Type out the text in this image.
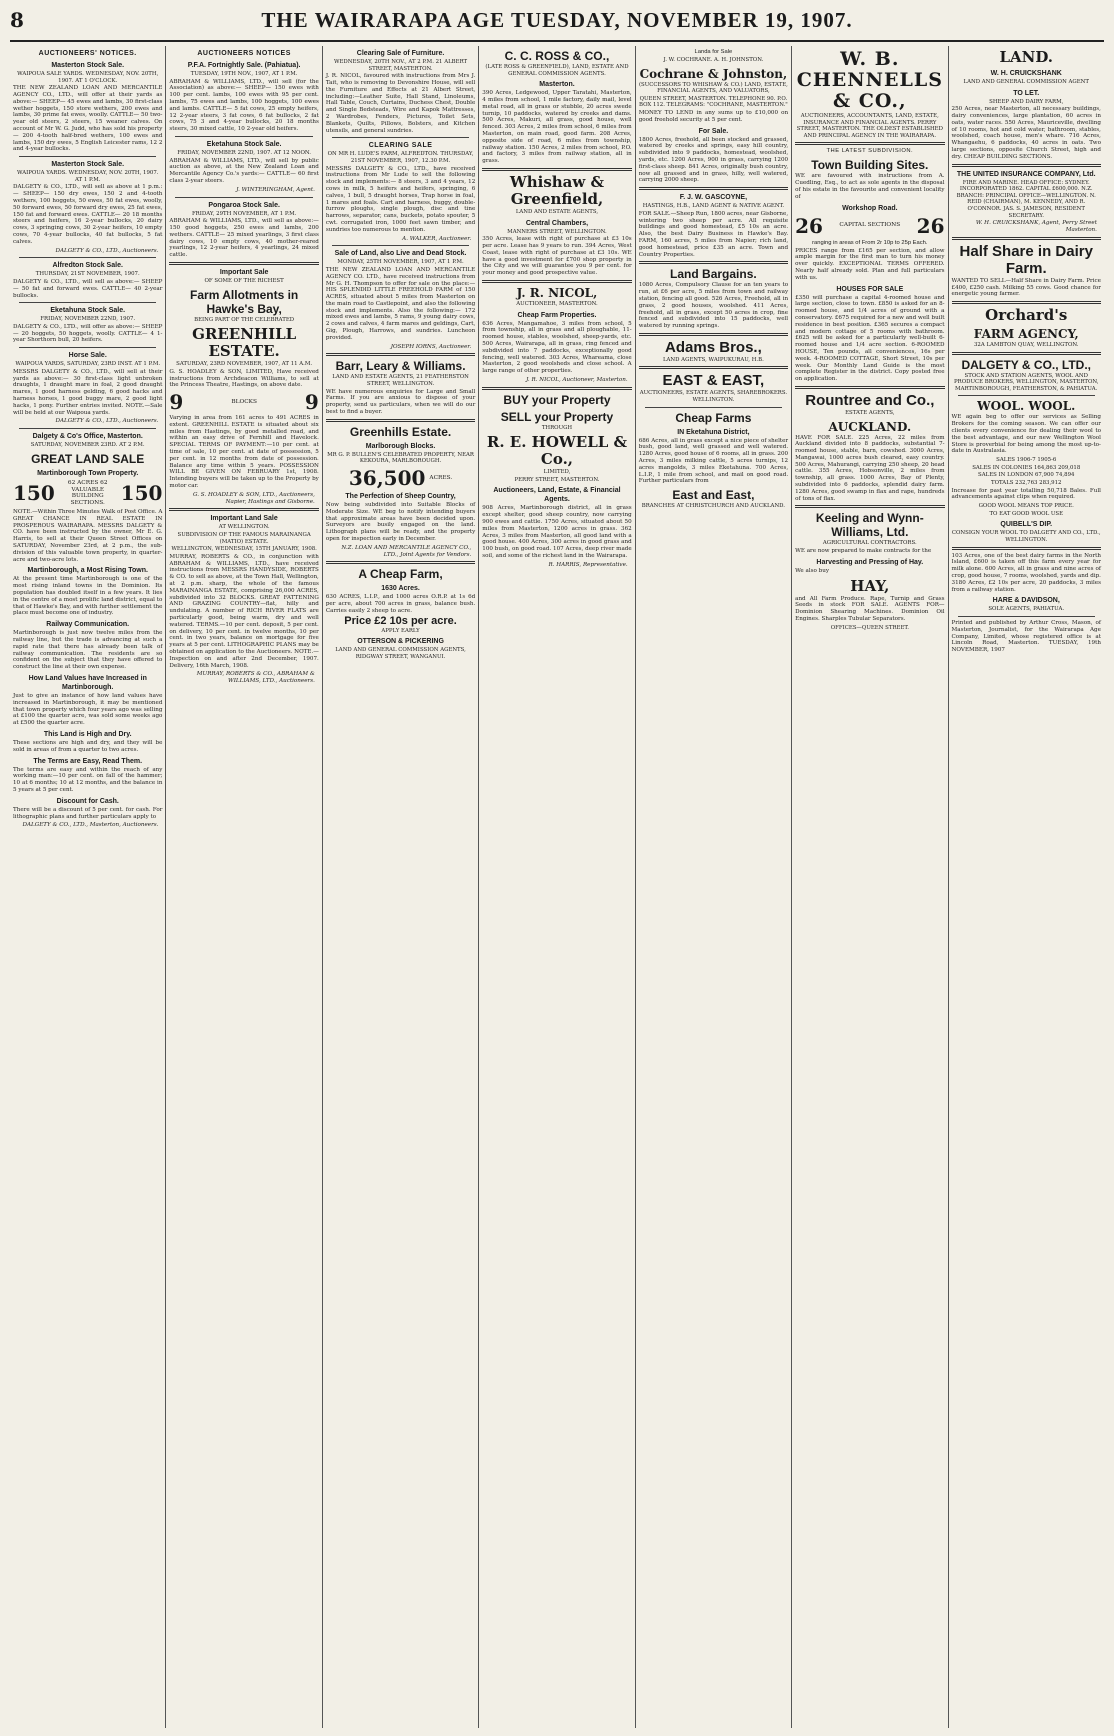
8	THE WAIRARAPA AGE TUESDAY, NOVEMBER 19, 1907.
AUCTIONEERS' NOTICES.
Masterton Stock Sale.
WAIPOUA SALE YARDS. WEDNESDAY, NOV. 20TH, 1907. AT 1 O'CLOCK.
THE NEW ZEALAND LOAN AND MERCANTILE AGENCY CO., LTD., will offer at their yards as above:— SHEEP— 45 ewes and lambs, 30 first-class wether hoggets, 150 store wethers, 200 ewes and lambs, 30 prime fat ewes, woolly. CATTLE— 50 two-year old steers, 2 steers, 15 weaner calves. On account of Mr W. G. Judd, who has sold his property— 200 4-tooth half-bred wethers, 100 ewes and lambs, 150 dry ewes, 5 English Leicester rams, 12 2 and 4-year bullocks.
Masterton Stock Sale.
WAIPOUA YARDS. WEDNESDAY, NOV. 20TH, 1907. AT 1 P.M.
DALGETY & CO., LTD., will sell as above at 1 p.m.:— SHEEP— 150 dry ewes, 150 2 and 4-tooth wethers, 100 hoggets, 50 ewes, 50 fat ewes, woolly, 50 forward ewes, 50 forward dry ewes, 25 fat ewes, 150 fat and forward ewes. CATTLE— 20 18 months steers and heifers, 16 2-year bullocks, 20 dairy cows, 3 springing cows, 30 2-year heifers, 10 empty cows, 70 4-year bullocks, 40 fat bullocks, 5 fat calves.
DALGETY & CO., LTD., Auctioneers.
Alfredton Stock Sale.
THURSDAY, 21ST NOVEMBER, 1907.
DALGETY & CO., LTD., will sell as above:— SHEEP— 50 fat and forward ewes. CATTLE— 40 2-year bullocks.
Eketahuna Stock Sale.
FRIDAY, NOVEMBER 22ND, 1907.
DALGETY & CO., LTD., will offer as above:— SHEEP— 20 hoggets, 50 hoggets, woolly. CATTLE— 4 1-year Shorthorn bull, 20 heifers.
Horse Sale.
WAIPOUA YARDS, SATURDAY, 23RD INST. AT 1 P.M.
MESSRS DALGETY & CO., LTD., will sell at their yards as above:— 30 first-class light unbroken draughts, 1 draught mare in foal, 2 good draught mares, 1 good harness gelding, 6 good hacks and harness horses, 1 good buggy mare, 2 good light hacks, 1 pony. Further entries invited. NOTE.—Sale will be held at our Waipoua yards.
DALGETY & CO., LTD., Auctioneers.
Dalgety & Co's Office, Masterton.
SATURDAY, NOVEMBER 23RD. AT 2 P.M.
GREAT LAND SALE
Martinborough Town Property.
150	62 ACRES 62 VALUABLE BUILDING SECTIONS. 150
NOTE.—Within Three Minutes Walk of Post Office. A GREAT CHANCE IN REAL ESTATE IN PROSPEROUS WAIRARAPA. MESSRS DALGETY & CO. have been instructed by the owner, Mr E. G. Harris, to sell at their Queen Street Offices on SATURDAY, November 23rd, at 2 p.m., the sub-division of this valuable town property, in quarter-acre and two-acre lots.
Martinborough, a Most Rising Town.
At the present time Martinborough is one of the most rising inland towns in the Dominion. Its population has doubled itself in a few years. It lies in the centre of a most prolific land district, equal to that of Hawke's Bay, and with further settlement the place must become one of industry.
Railway Communication.
Martinborough is just now twelve miles from the railway line, but the trade is advancing at such a rapid rate that there has already been talk of railway communication. The residents are so confident on the subject that they have offered to construct the line at their own expense.
How Land Values have Increased in Martinborough.
Just to give an instance of how land values have increased in Martinborough, it may be mentioned that town property which four years ago was selling at £100 the quarter acre, was sold some weeks ago at £500 the quarter acre.
This Land is High and Dry.
These sections are high and dry, and they will be sold in areas of from a quarter to two acres.
The Terms are Easy, Read Them.
The terms are easy and within the reach of any working man:—10 per cent. on fall of the hammer; 10 at 6 months; 10 at 12 months, and the balance in 5 years at 5 per cent.
Discount for Cash.
There will be a discount of 5 per cent. for cash. For lithographic plans and further particulars apply to
DALGETY & CO., LTD., Masterton, Auctioneers.
AUCTIONEERS NOTICES
P.F.A. Fortnightly Sale. (Pahiatua).
TUESDAY, 19TH NOV., 1907, AT 1 P.M.
ABRAHAM & WILLIAMS, LTD., will sell (for the Association) as above:— SHEEP— 150 ewes with 100 per cent. lambs, 100 ewes with 95 per cent. lambs, 75 ewes and lambs, 100 hoggets, 100 ewes and lambs. CATTLE— 5 fat cows, 25 empty heifers, 12 2-year steers, 3 fat cows, 6 fat bullocks, 2 fat cows, 75 3 and 4-year bullocks, 20 18 months steers, 30 mixed cattle, 10 2-year old heifers.
Eketahuna Stock Sale.
FRIDAY, NOVEMBER 22ND, 1907. AT 12 NOON.
ABRAHAM & WILLIAMS, LTD., will sell by public auction as above, at the New Zealand Loan and Mercantile Agency Co.'s yards:— CATTLE— 60 first class 2-year steers.
J. WINTERINGHAM, Agent.
Pongaroa Stock Sale.
FRIDAY, 29TH NOVEMBER, AT 1 P.M.
ABRAHAM & WILLIAMS, LTD., will sell as above:— 150 good hoggets, 250 ewes and lambs, 200 wethers. CATTLE— 25 mixed yearlings, 3 first class dairy cows, 10 empty cows, 40 mother-reared yearlings, 12 2-year heifers, 4 yearlings, 24 mixed cattle.
Important Sale
OF SOME OF THE RICHEST
Farm Allotments in Hawke's Bay,
BEING PART OF THE CELEBRATED
GREENHILL ESTATE.
SATURDAY, 23RD NOVEMBER, 1907, AT 11 A.M.
G. S. HOADLEY & SON, LIMITED, Have received instructions from Archdeacon Williams, to sell at the Princess Theatre, Hastings, on above date.
9	BLOCKS 9
Varying in area from 161 acres to 491 ACRES in extent. GREENHILL ESTATE is situated about six miles from Hastings, by good metalled road, and within an easy drive of Fernhill and Havelock. SPECIAL TERMS OF PAYMENT:—10 per cent. at time of sale, 10 per cent. at date of possession, 5 per cent. in 12 months from date of possession. Balance any time within 5 years. POSSESSION WILL BE GIVEN ON FEBRUARY 1st, 1908. Intending buyers will be taken up to the Property by motor car.
G. S. HOADLEY & SON, LTD., Auctioneers, Napier, Hastings and Gisborne.
Important Land Sale
AT WELLINGTON.
SUBDIVISION OF THE FAMOUS MARAINANGA (MATIO) ESTATE.
WELLINGTON, WEDNESDAY, 15TH JANUARY, 1908.
MURRAY, ROBERTS & CO., in conjunction with ABRAHAM & WILLIAMS, LTD., have received instructions from MESSRS HANDYSIDE, ROBERTS & CO. to sell as above, at the Town Hall, Wellington, at 2 p.m. sharp, the whole of the famous MARAINANGA ESTATE, comprising 26,000 ACRES, subdivided into 32 BLOCKS. GREAT FATTENING AND GRAZING COUNTRY—flat, hilly and undulating. A number of RICH RIVER FLATS are particularly good, being warm, dry and well watered. TERMS.—10 per cent. deposit, 5 per cent. on delivery, 10 per cent. in twelve months, 10 per cent. in two years, balance on mortgage for five years at 5 per cent. LITHOGRAPHIC PLANS may be obtained on application to the Auctioneers. NOTE.—Inspection on and after 2nd December, 1907. Delivery, 16th March, 1908.
MURRAY, ROBERTS & CO., ABRAHAM & WILLIAMS, LTD., Auctioneers.
Clearing Sale of Furniture.
WEDNESDAY, 20TH NOV., AT 2 P.M. 21 ALBERT STREET, MASTERTON.
J. R. NICOL, favoured with instructions from Mrs J. Tait, who is removing to Devonshire House, will sell the Furniture and Effects at 21 Albert Street, including:—Leather Suite, Hall Stand, Linoleums, Hall Table, Couch, Curtains, Duchess Chest, Double and Single Bedsteads, Wire and Kapok Mattresses, 2 Wardrobes, Fenders, Pictures, Toilet Sets, Blankets, Quilts, Pillows, Bolsters, and Kitchen utensils, and general sundries.
CLEARING SALE
ON MR H. LUDE'S FARM, ALFREDTON. THURSDAY, 21ST NOVEMBER, 1907, 12.30 P.M.
MESSRS DALGETY & CO., LTD., have received instructions from Mr Lude to sell the following stock and implements:— 8 steers, 3 and 4 years, 12 cows in milk, 5 heifers and heifers, springing, 6 calves, 1 bull, 5 draught horses, Trap horse in foal, 1 mares and foals. Cart and harness, buggy, double-furrow ploughs, single plough, disc and tine harrows, separator, cans, buckets, potato spouter, 5 cwt. corrugated iron, 1000 feet sawn timber, and sundries too numerous to mention.
A. WALKER, Auctioneer.
Sale of Land, also Live and Dead Stock.
MONDAY, 25TH NOVEMBER, 1907, AT 1 P.M.
THE NEW ZEALAND LOAN AND MERCANTILE AGENCY CO. LTD., have received instructions from Mr G. H. Thompson to offer for sale on the place:— HIS SPLENDID LITTLE FREEHOLD FARM of 150 ACRES, situated about 5 miles from Masterton on the main road to Castlepoint, and also the following stock and implements. Also the following:— 172 mixed ewes and lambs, 5 rams, 9 young dairy cows, 2 cows and calves, 4 farm mares and geldings, Cart, Gig, Plough, Harrows, and sundries. Luncheon provided.
JOSEPH IORNS, Auctioneer.
Barr, Leary & Williams.
LAND AND ESTATE AGENTS, 21 FEATHERSTON STREET, WELLINGTON.
WE have numerous enquiries for Large and Small Farms. If you are anxious to dispose of your property, send us particulars, when we will do our best to find a buyer.
Greenhills Estate.
Marlborough Blocks.
MR G. P. BULLEN'S CELEBRATED PROPERTY, NEAR KEKOURA, MARLBOROUGH.
36,500 ACRES.
The Perfection of Sheep Country,
Now being subdivided into Suitable Blocks of Moderate Size. WE beg to notify intending buyers that approximate areas have been decided upon. Surveyors are busily engaged on the land. Lithograph plans will be ready, and the property open for inspection early in December.
N.Z. LOAN AND MERCANTILE AGENCY CO., LTD., Joint Agents for Vendors.
A Cheap Farm,
1630 Acres.
630 ACRES, L.I.P., and 1000 acres O.R.P. at 1s 6d per acre, about 700 acres in grass, balance bush. Carries easily 2 sheep to acre.
Price £2 10s per acre.
APPLY EARLY
OTTERSON & PICKERING
LAND AND GENERAL COMMISSION AGENTS, RIDGWAY STREET, WANGANUI.
C. C. ROSS & CO.,
(LATE ROSS & GREENFIELD), LAND, ESTATE AND GENERAL COMMISSION AGENTS.
Masterton.
390 Acres, Ledgewood, Upper Taratahi, Masterton, 4 miles from school, 1 mile factory, daily mail, level metal road, all in grass or stubble, 20 acres swede turnip, 10 paddocks, watered by creeks and dams. 500 Acres, Makuri, all grass, good house, well fenced. 303 Acres, 2 miles from school, 6 miles from Masterton, on main road, good farm. 208 Acres, opposite side of road, 6 miles from township, railway station. 150 Acres, 2 miles from school, P.O. and factory, 3 miles from railway station, all in grass.
Whishaw & Greenfield,
LAND AND ESTATE AGENTS,
Central Chambers,
MANNERS STREET, WELLINGTON.
350 Acres, lease with right of purchase at £3 10s per acre. Lease has 9 years to run. 394 Acres, West Coast, lease with right of purchase at £3 10s. WE have a good investment for £700 shop property in the City and we will guarantee you 9 per cent. for your money and good prospective value.
J. R. NICOL,
AUCTIONEER, MASTERTON.
Cheap Farm Properties.
636 Acres, Mangamahoe, 3 miles from school, 5 from township, all in grass and all ploughable, 11-roomed house, stables, woolshed, sheep-yards, etc. 500 Acres, Wairarapa, all in grass, ring fenced and subdivided into 7 paddocks, exceptionally good fencing, well watered. 303 Acres, Whareama, close Masterton, 2 good woolsheds and close school. A large range of other properties.
J. R. NICOL, Auctioneer, Masterton.
BUY your Property
SELL your Property
THROUGH
R. E. HOWELL & Co.,
LIMITED,
PERRY STREET, MASTERTON.
Auctioneers, Land, Estate, & Financial Agents.
908 Acres, Martinborough district, all in grass except shelter, good sheep country, now carrying 900 ewes and cattle. 1750 Acres, situated about 50 miles from Masterton, 1200 acres in grass. 362 Acres, 3 miles from Masterton, all good land with a good house. 400 Acres, 300 acres in good grass and 100 bush, on good road. 107 Acres, deep river made soil, and some of the richest land in the Wairarapa.
R. HARRIS, Representative.
Landa for Sale
J. W. COCHRANE. A. H. JOHNSTON.
Cochrane & Johnston,
(SUCCESSORS TO WHISHAW & CO.) LAND, ESTATE, FINANCIAL AGENTS, AND VALUATORS,
QUEEN STREET, MASTERTON. TELEPHONE 90. P.O. BOX 112. TELEGRAMS: "COCHRANE, MASTERTON."
MONEY TO LEND in any sums up to £10,000 on good freehold security at 5 per cent.
For Sale.
1800 Acres, freehold, all been stocked and grassed, watered by creeks and springs, easy hill country, subdivided into 9 paddocks, homestead, woolshed, yards, etc. 1200 Acres, 900 in grass, carrying 1200 first-class sheep. 841 Acres, originally bush country, now all grassed and in grass, hilly, well watered, carrying 2000 sheep.
F. J. W. GASCOYNE,
HASTINGS, H.B., LAND AGENT & NATIVE AGENT.
FOR SALE.—Sheep Run, 1800 acres, near Gisborne, wintering two sheep per acre. All requisite buildings and good homestead, £5 10s an acre. Also, the best Dairy Business in Hawke's Bay. FARM, 160 acres, 5 miles from Napier; rich land, good homestead, price £35 an acre. Town and Country Properties.
Land Bargains.
1080 Acres, Compulsory Clause for an ten years to run, at £6 per acre, 5 miles from town and railway station, fencing all good. 526 Acres, Freehold, all in grass, 2 good houses, woolshed. 411 Acres, freehold, all in grass, except 50 acres in crop, fine fenced and subdivided into 15 paddocks, well watered by running springs.
Adams Bros.,
LAND AGENTS, WAIPUKURAU, H.B.
EAST & EAST,
AUCTIONEERS, ESTATE AGENTS, SHAREBROKERS. WELLINGTON.
Cheap Farms
IN Eketahuna District,
686 Acres, all in grass except a nice piece of shelter bush, good land, well grassed and well watered. 1280 Acres, good house of 6 rooms, all in grass. 200 Acres, 3 miles milking cattle, 5 acres turnips, 12 acres mangolds, 3 miles Eketahuna. 700 Acres, L.I.P., 1 mile from school, and mail on good road. Further particulars from
East and East,
BRANCHES AT CHRISTCHURCH AND AUCKLAND.
W. B. CHENNELLS & CO.,
AUCTIONEERS, ACCOUNTANTS, LAND, ESTATE, INSURANCE AND FINANCIAL AGENTS. PERRY STREET, MASTERTON. THE OLDEST ESTABLISHED AND PRINCIPAL AGENCY IN THE WAIRARAPA.
THE LATEST SUBDIVISION.
Town Building Sites.
WE are favoured with instructions from A. Cuedling, Esq., to act as sole agents in the disposal of his estate in the favourite and convenient locality of
Workshop Road.
26	CAPITAL SECTIONS 26
ranging in areas of From 2r 10p to 25p Each.
PRICES range from £165 per section, and allow ample margin for the first man to turn his money over quickly. EXCEPTIONAL TERMS OFFERED. Nearly half already sold. Plan and full particulars with us.
HOUSES FOR SALE
£350 will purchase a capital 4-roomed house and large section, close to town. £850 is asked for an 8-roomed house, and 1/4 acres of ground with a conservatory. £675 required for a new and well built residence in best position. £365 secures a compact and modern cottage of 5 rooms with bathroom. £625 will be asked for a particularly well-built 6-roomed house and 1/4 acre section. 6-ROOMED HOUSE, Ten pounds, all conveniences, 16s per week. 4-ROOMED COTTAGE, Short Street, 10s per week. Our Monthly Land Guide is the most complete Register in the district. Copy posted free on application.
Rountree and Co.,
ESTATE AGENTS,
AUCKLAND.
HAVE FOR SALE. 225 Acres, 22 miles from Auckland divided into 8 paddocks, substantial 7-roomed house, stable, barn, cowshed. 3000 Acres, Mangawai, 1000 acres bush cleared, easy country. 500 Acres, Mahurangi, carrying 250 sheep, 20 head cattle. 355 Acres, Hobsonville, 2 miles from township, all grass. 1000 Acres, Bay of Plenty, subdivided into 6 paddocks, splendid dairy farm. 1280 Acres, good swamp in flax and rape, hundreds of tons of flax.
Keeling and Wynn-Williams, Ltd.
AGRICULTURAL CONTRACTORS.
WE are now prepared to make contracts for the
Harvesting and Pressing of Hay.
We also buy
HAY,
and All Farm Produce. Rape, Turnip and Grass Seeds in stock FOR SALE. AGENTS FOR— Dominion Shearing Machines. Dominion Oil Engines. Sharples Tubular Separators.
OFFICES—QUEEN STREET.
LAND.
W. H. CRUICKSHANK
LAND AND GENERAL COMMISSION AGENT
TO LET.
SHEEP AND DAIRY FARM,
250 Acres, near Masterton, all necessary buildings, dairy conveniences, large plantation, 60 acres in oats, water races. 550 Acres, Mauriceville, dwelling of 10 rooms, hot and cold water, bathroom, stables, woolshed, coach house, men's whare. 716 Acres, Whangaehu, 6 paddocks, 40 acres in oats. Two large sections, opposite Church Street, high and dry. CHEAP BUILDING SECTIONS.
THE UNITED INSURANCE COMPANY, Ltd.
FIRE AND MARINE. HEAD OFFICE: SYDNEY. INCORPORATED 1862. CAPITAL £600,000. N.Z. BRANCH: PRINCIPAL OFFICE—WELLINGTON. N. REID (CHAIRMAN), M. KENNEDY, AND R. O'CONNOR. JAS. S. JAMESON, RESIDENT SECRETARY.
W. H. CRUICKSHANK, Agent, Perry Street Masterton.
Half Share in Dairy Farm.
WANTED TO SELL—Half Share in Dairy Farm. Price £400, £250 cash. Milking 55 cows. Good chance for energetic young farmer.
Orchard's
FARM AGENCY,
32A LAMBTON QUAY, WELLINGTON.
DALGETY & CO., LTD.,
STOCK AND STATION AGENTS, WOOL AND PRODUCE BROKERS, WELLINGTON, MASTERTON, MARTINBOROUGH, FEATHERSTON, & PAHIATUA.
WOOL. WOOL.
WE again beg to offer our services as Selling Brokers for the coming season. We can offer our clients every convenience for dealing their wool to the best advantage, and our new Wellington Wool Store is proverbial for being among the most up-to-date in Australasia.
SALES 1906-7 1905-6
SALES IN COLONIES 164,863 209,018
SALES IN LONDON 67,900 74,894
TOTALS 232,763 283,912
Increase for past year totalling 50,718 Bales. Full advancements against clips when required.
GOOD WOOL MEANS TOP PRICE.
TO EAT GOOD WOOL USE
QUIBELL'S DIP.
CONSIGN YOUR WOOL TO DALGETY AND CO., LTD., WELLINGTON.
103 Acres, one of the best dairy farms in the North Island, £600 is taken off this farm every year for milk alone. 600 Acres, all in grass and nine acres of crop, good house, 7 rooms, woolshed, yards and dip. 3180 Acres, £2 10s per acre, 20 paddocks, 3 miles from a railway station.
HARE & DAVIDSON,
SOLE AGENTS, PAHIATUA.
Printed and published by Arthur Cross, Mason, of Masterton, Journalist, for the Wairarapa Age Company, Limited, whose registered office is at Lincoln Road, Masterton. TUESDAY, 19th NOVEMBER, 1907
